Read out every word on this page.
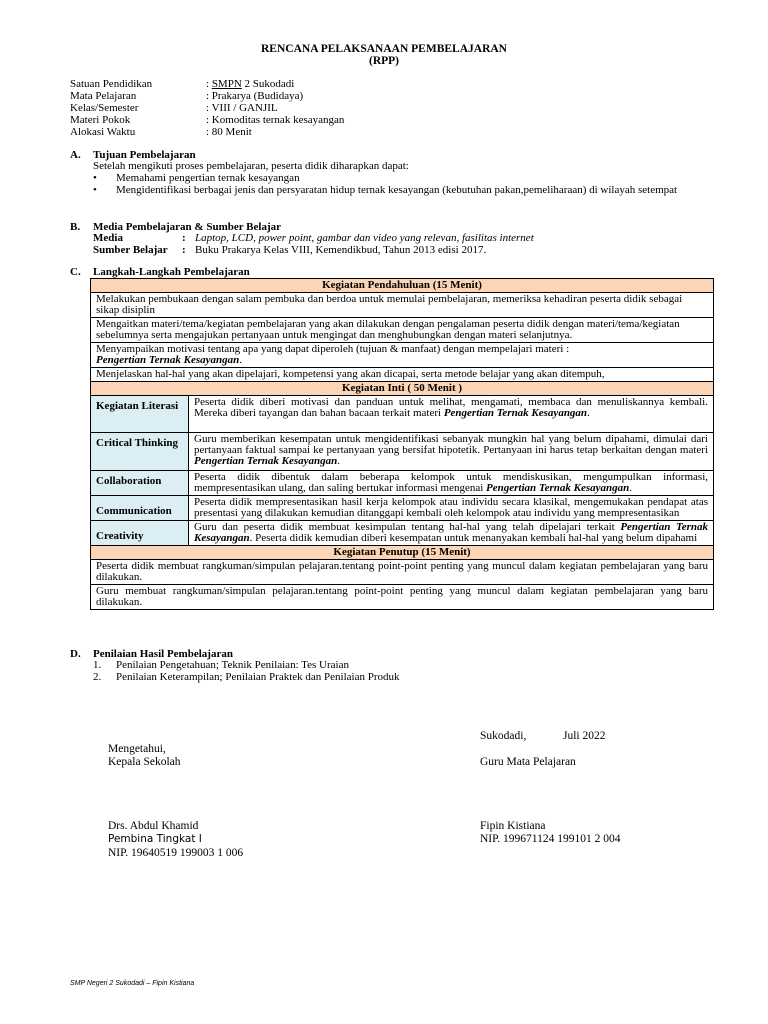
RENCANA PELAKSANAAN PEMBELAJARAN
(RPP)
Satuan Pendidikan	: SMPN 2 Sukodadi
Mata Pelajaran	: Prakarya (Budidaya)
Kelas/Semester	: VIII / GANJIL
Materi Pokok	: Komoditas ternak kesayangan
Alokasi Waktu	: 80 Menit
A. Tujuan Pembelajaran
Setelah mengikuti proses pembelajaran, peserta didik diharapkan dapat:
• Memahami pengertian ternak kesayangan
• Mengidentifikasi berbagai jenis dan persyaratan hidup ternak kesayangan (kebutuhan pakan,pemeliharaan) di wilayah setempat
B. Media Pembelajaran & Sumber Belajar
Media	: Laptop, LCD, power point, gambar dan video yang relevan, fasilitas internet
Sumber Belajar : Buku Prakarya Kelas VIII, Kemendikbud, Tahun 2013 edisi 2017.
C. Langkah-Langkah Pembelajaran
Kegiatan Pendahuluan (15 Menit)	
Melakukan pembukaan dengan salam pembuka dan berdoa untuk memulai pembelajaran, memeriksa kehadiran peserta didik sebagai sikap disiplin	
Mengaitkan materi/tema/kegiatan pembelajaran yang akan dilakukan dengan pengalaman peserta didik dengan materi/tema/kegiatan sebelumnya serta mengajukan pertanyaan untuk mengingat dan menghubungkan dengan materi selanjutnya.	
Menyampaikan motivasi tentang apa yang dapat diperoleh (tujuan & manfaat) dengan mempelajari materi :
Pengertian Ternak Kesayangan.	
Menjelaskan hal-hal yang akan dipelajari, kompetensi yang akan dicapai, serta metode belajar yang akan ditempuh,	
Kegiatan Inti ( 50 Menit )	
Kegiatan Literasi	Peserta didik diberi motivasi dan panduan untuk melihat, mengamati, membaca dan menuliskannya kembali. Mereka diberi tayangan dan bahan bacaan terkait materi Pengertian Ternak Kesayangan.
Critical Thinking	Guru memberikan kesempatan untuk mengidentifikasi sebanyak mungkin hal yang belum dipahami, dimulai dari pertanyaan faktual sampai ke pertanyaan yang bersifat hipotetik. Pertanyaan ini harus tetap berkaitan dengan materi Pengertian Ternak Kesayangan.
Collaboration	Peserta didik dibentuk dalam beberapa kelompok untuk mendiskusikan, mengumpulkan informasi, mempresentasikan ulang, dan saling bertukar informasi mengenai Pengertian Ternak Kesayangan.
Communication	Peserta didik mempresentasikan hasil kerja kelompok atau individu secara klasikal, mengemukakan pendapat atas presentasi yang dilakukan kemudian ditanggapi kembali oleh kelompok atau individu yang mempresentasikan
Creativity	Guru dan peserta didik membuat kesimpulan tentang hal-hal yang telah dipelajari terkait Pengertian Ternak Kesayangan. Peserta didik kemudian diberi kesempatan untuk menanyakan kembali hal-hal yang belum dipahami
Kegiatan Penutup (15 Menit)	
Peserta didik membuat rangkuman/simpulan pelajaran.tentang point-point penting yang muncul dalam kegiatan pembelajaran yang baru dilakukan.	
Guru membuat rangkuman/simpulan pelajaran.tentang point-point penting yang muncul dalam kegiatan pembelajaran yang baru dilakukan.	
D. Penilaian Hasil Pembelajaran
1. Penilaian Pengetahuan; Teknik Penilaian: Tes Uraian
2. Penilaian Keterampilan; Penilaian Praktek dan Penilaian Produk
Sukodadi,	Juli 2022
Mengetahui,
Kepala Sekolah	Guru Mata Pelajaran
Drs. Abdul Khamid
Pembina Tingkat I
NIP. 19640519 199003 1 006
Fipin Kistiana
NIP. 199671124 199101 2 004
SMP Negeri 2 Sukodadi – Fipin Kistiana
